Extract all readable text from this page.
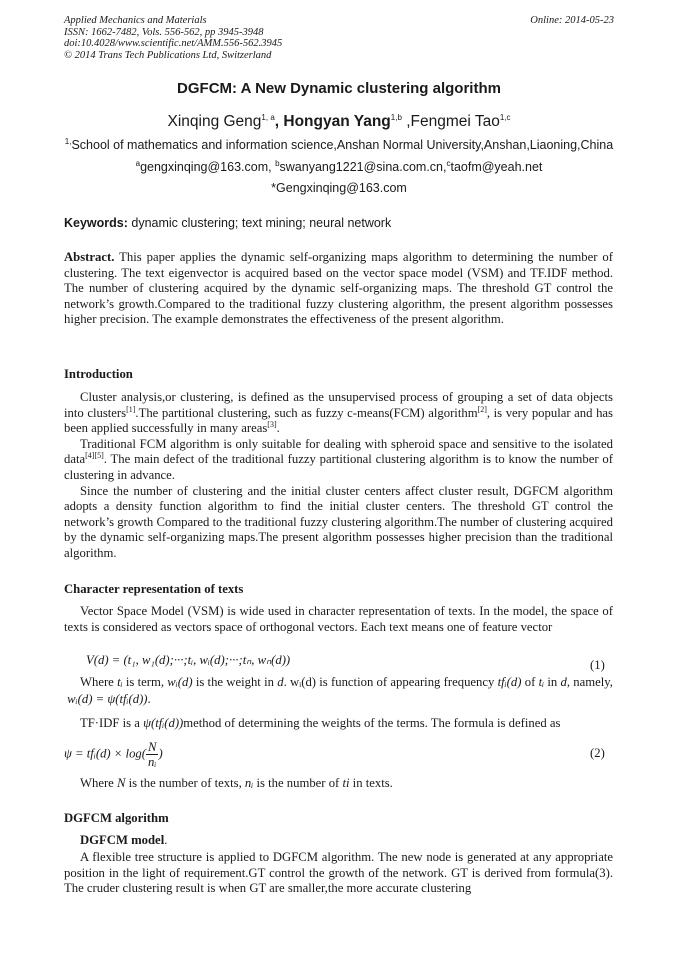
Applied Mechanics and Materials
ISSN: 1662-7482, Vols. 556-562, pp 3945-3948
doi:10.4028/www.scientific.net/AMM.556-562.3945
© 2014 Trans Tech Publications Ltd, Switzerland
Online: 2014-05-23
DGFCM: A New Dynamic clustering algorithm
Xinqing Geng$^{1, a}$, Hongyan Yang$^{1,b}$ ,Fengmei Tao$^{1,c}$
$^{1,}$School of mathematics and information science,Anshan Normal University,Anshan,Liaoning,China
$^a$gengxinqing@163.com, $^b$swanyang1221@sina.com.cn,$^c$taofm@yeah.net
*Gengxinqing@163.com
Keywords: dynamic clustering; text mining; neural network

Abstract. This paper applies the dynamic self-organizing maps algorithm to determining the number of clustering. The text eigenvector is acquired based on the vector space model (VSM) and TF.IDF method. The number of clustering acquired by the dynamic self-organizing maps. The threshold GT control the network’s growth.Compared to the traditional fuzzy clustering algorithm, the present algorithm possesses higher precision. The example demonstrates the effectiveness of the present algorithm.

Introduction

Cluster analysis,or clustering, is defined as the unsupervised process of grouping a set of data objects into clusters[1].The partitional clustering, such as fuzzy c-means(FCM) algorithm[2], is very popular and has been applied successfully in many areas[3].

Traditional FCM algorithm is only suitable for dealing with spheroid space and sensitive to the isolated data[4][5]. The main defect of the traditional fuzzy partitional clustering algorithm is to know the number of clustering in advance.

Since the number of clustering and the initial cluster centers affect cluster result, DGFCM algorithm adopts a density function algorithm to find the initial cluster centers. The threshold GT control the network’s growth Compared to the traditional fuzzy clustering algorithm.The number of clustering acquired by the dynamic self-organizing maps.The present algorithm possesses higher precision than the traditional algorithm.

Character representation of texts

Vector Space Model (VSM) is wide used in character representation of texts. In the model, the space of texts is considered as vectors space of orthogonal vectors. Each text means one of feature vector

V(d) = (t₁, w₁(d);···;tᵢ, wᵢ(d);···;tₙ, wₙ(d))	(1)

Where tᵢ is term, wᵢ(d) is the weight in d. wᵢ(d) is function of appearing frequency tfᵢ(d) of tᵢ in d, namely,  wᵢ(d) = ψ(tfᵢ(d)).

TF·IDF is a ψ(tfᵢ(d))method of determining the weights of the terms. The formula is defined as

ψ = tfᵢ(d) × $\log( \frac{N}{\text{nᵢ}}$ )	(2)

Where N is the number of texts, nᵢ is the number of ti in texts.

DGFCM algorithm
DGFCM model.

A flexible tree structure is applied to DGFCM algorithm. The new node is generated at any appropriate position in the light of requirement.GT control the growth of the network. GT is derived from formula(3). The cruder clustering result is when GT are smaller,the more accurate clustering
